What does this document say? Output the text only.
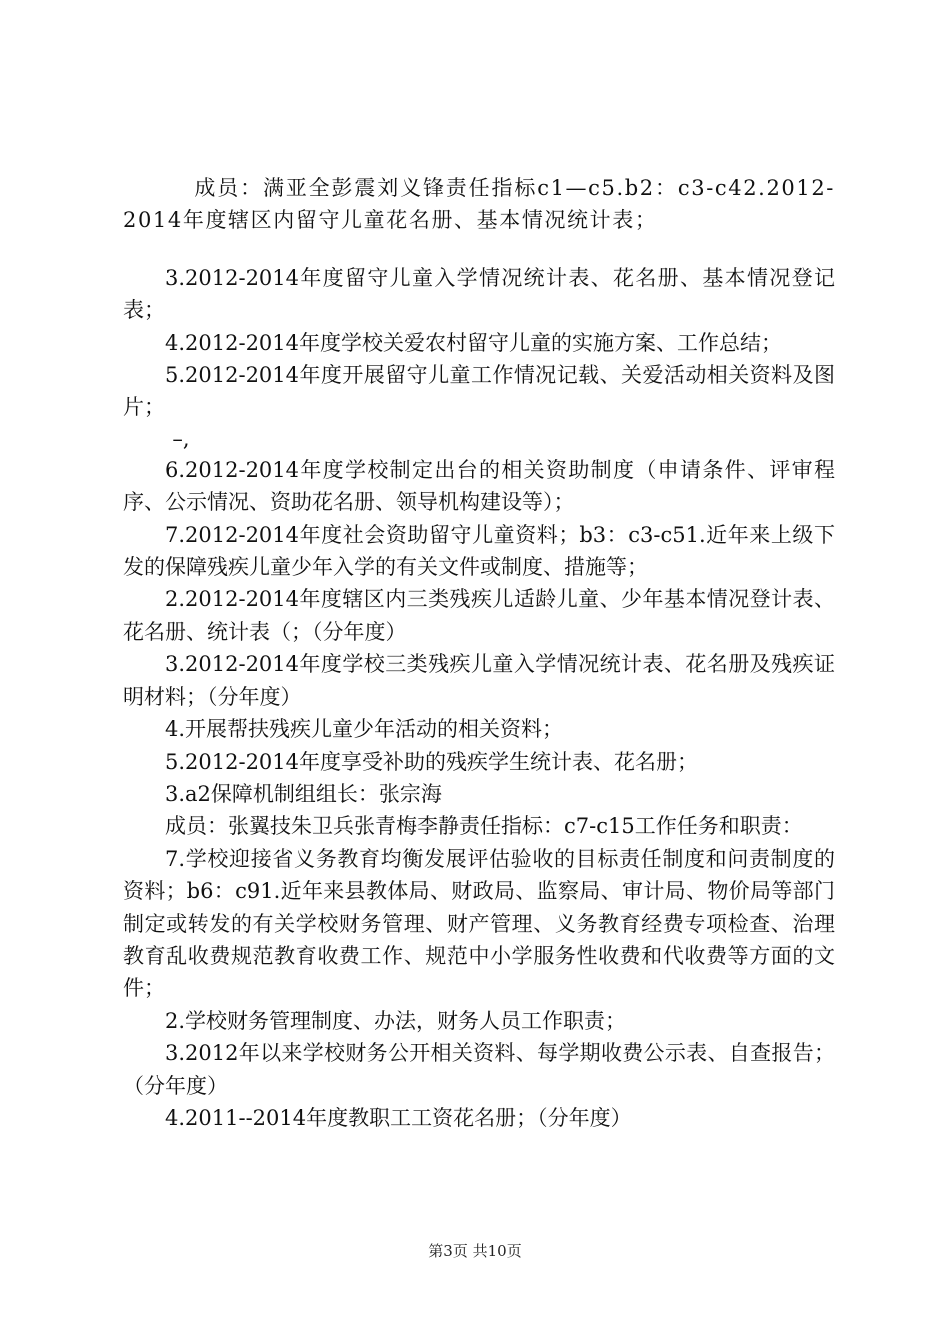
成员：满亚全彭震刘义锋责任指标c1—c5.b2：c3-c42.2012-2014年度辖区内留守儿童花名册、基本情况统计表；

3.2012-2014年度留守儿童入学情况统计表、花名册、基本情况登记表；

4.2012-2014年度学校关爱农村留守儿童的实施方案、工作总结；

5.2012-2014年度开展留守儿童工作情况记载、关爱活动相关资料及图片；

–,

6.2012-2014年度学校制定出台的相关资助制度（申请条件、评审程序、公示情况、资助花名册、领导机构建设等）；

7.2012-2014年度社会资助留守儿童资料；b3：c3-c51.近年来上级下发的保障残疾儿童少年入学的有关文件或制度、措施等；

2.2012-2014年度辖区内三类残疾儿适龄儿童、少年基本情况登计表、花名册、统计表（；（分年度）

3.2012-2014年度学校三类残疾儿童入学情况统计表、花名册及残疾证明材料；（分年度）

4.开展帮扶残疾儿童少年活动的相关资料；

5.2012-2014年度享受补助的残疾学生统计表、花名册；

3.a2保障机制组组长：张宗海

成员：张翼技朱卫兵张青梅李静责任指标：c7-c15工作任务和职责：

7.学校迎接省义务教育均衡发展评估验收的目标责任制度和问责制度的资料；b6：c91.近年来县教体局、财政局、监察局、审计局、物价局等部门制定或转发的有关学校财务管理、财产管理、义务教育经费专项检查、治理教育乱收费规范教育收费工作、规范中小学服务性收费和代收费等方面的文件；

2.学校财务管理制度、办法，财务人员工作职责；

3.2012年以来学校财务公开相关资料、每学期收费公示表、自查报告；（分年度）

4.2011--2014年度教职工工资花名册；（分年度）

第3页 共10页
